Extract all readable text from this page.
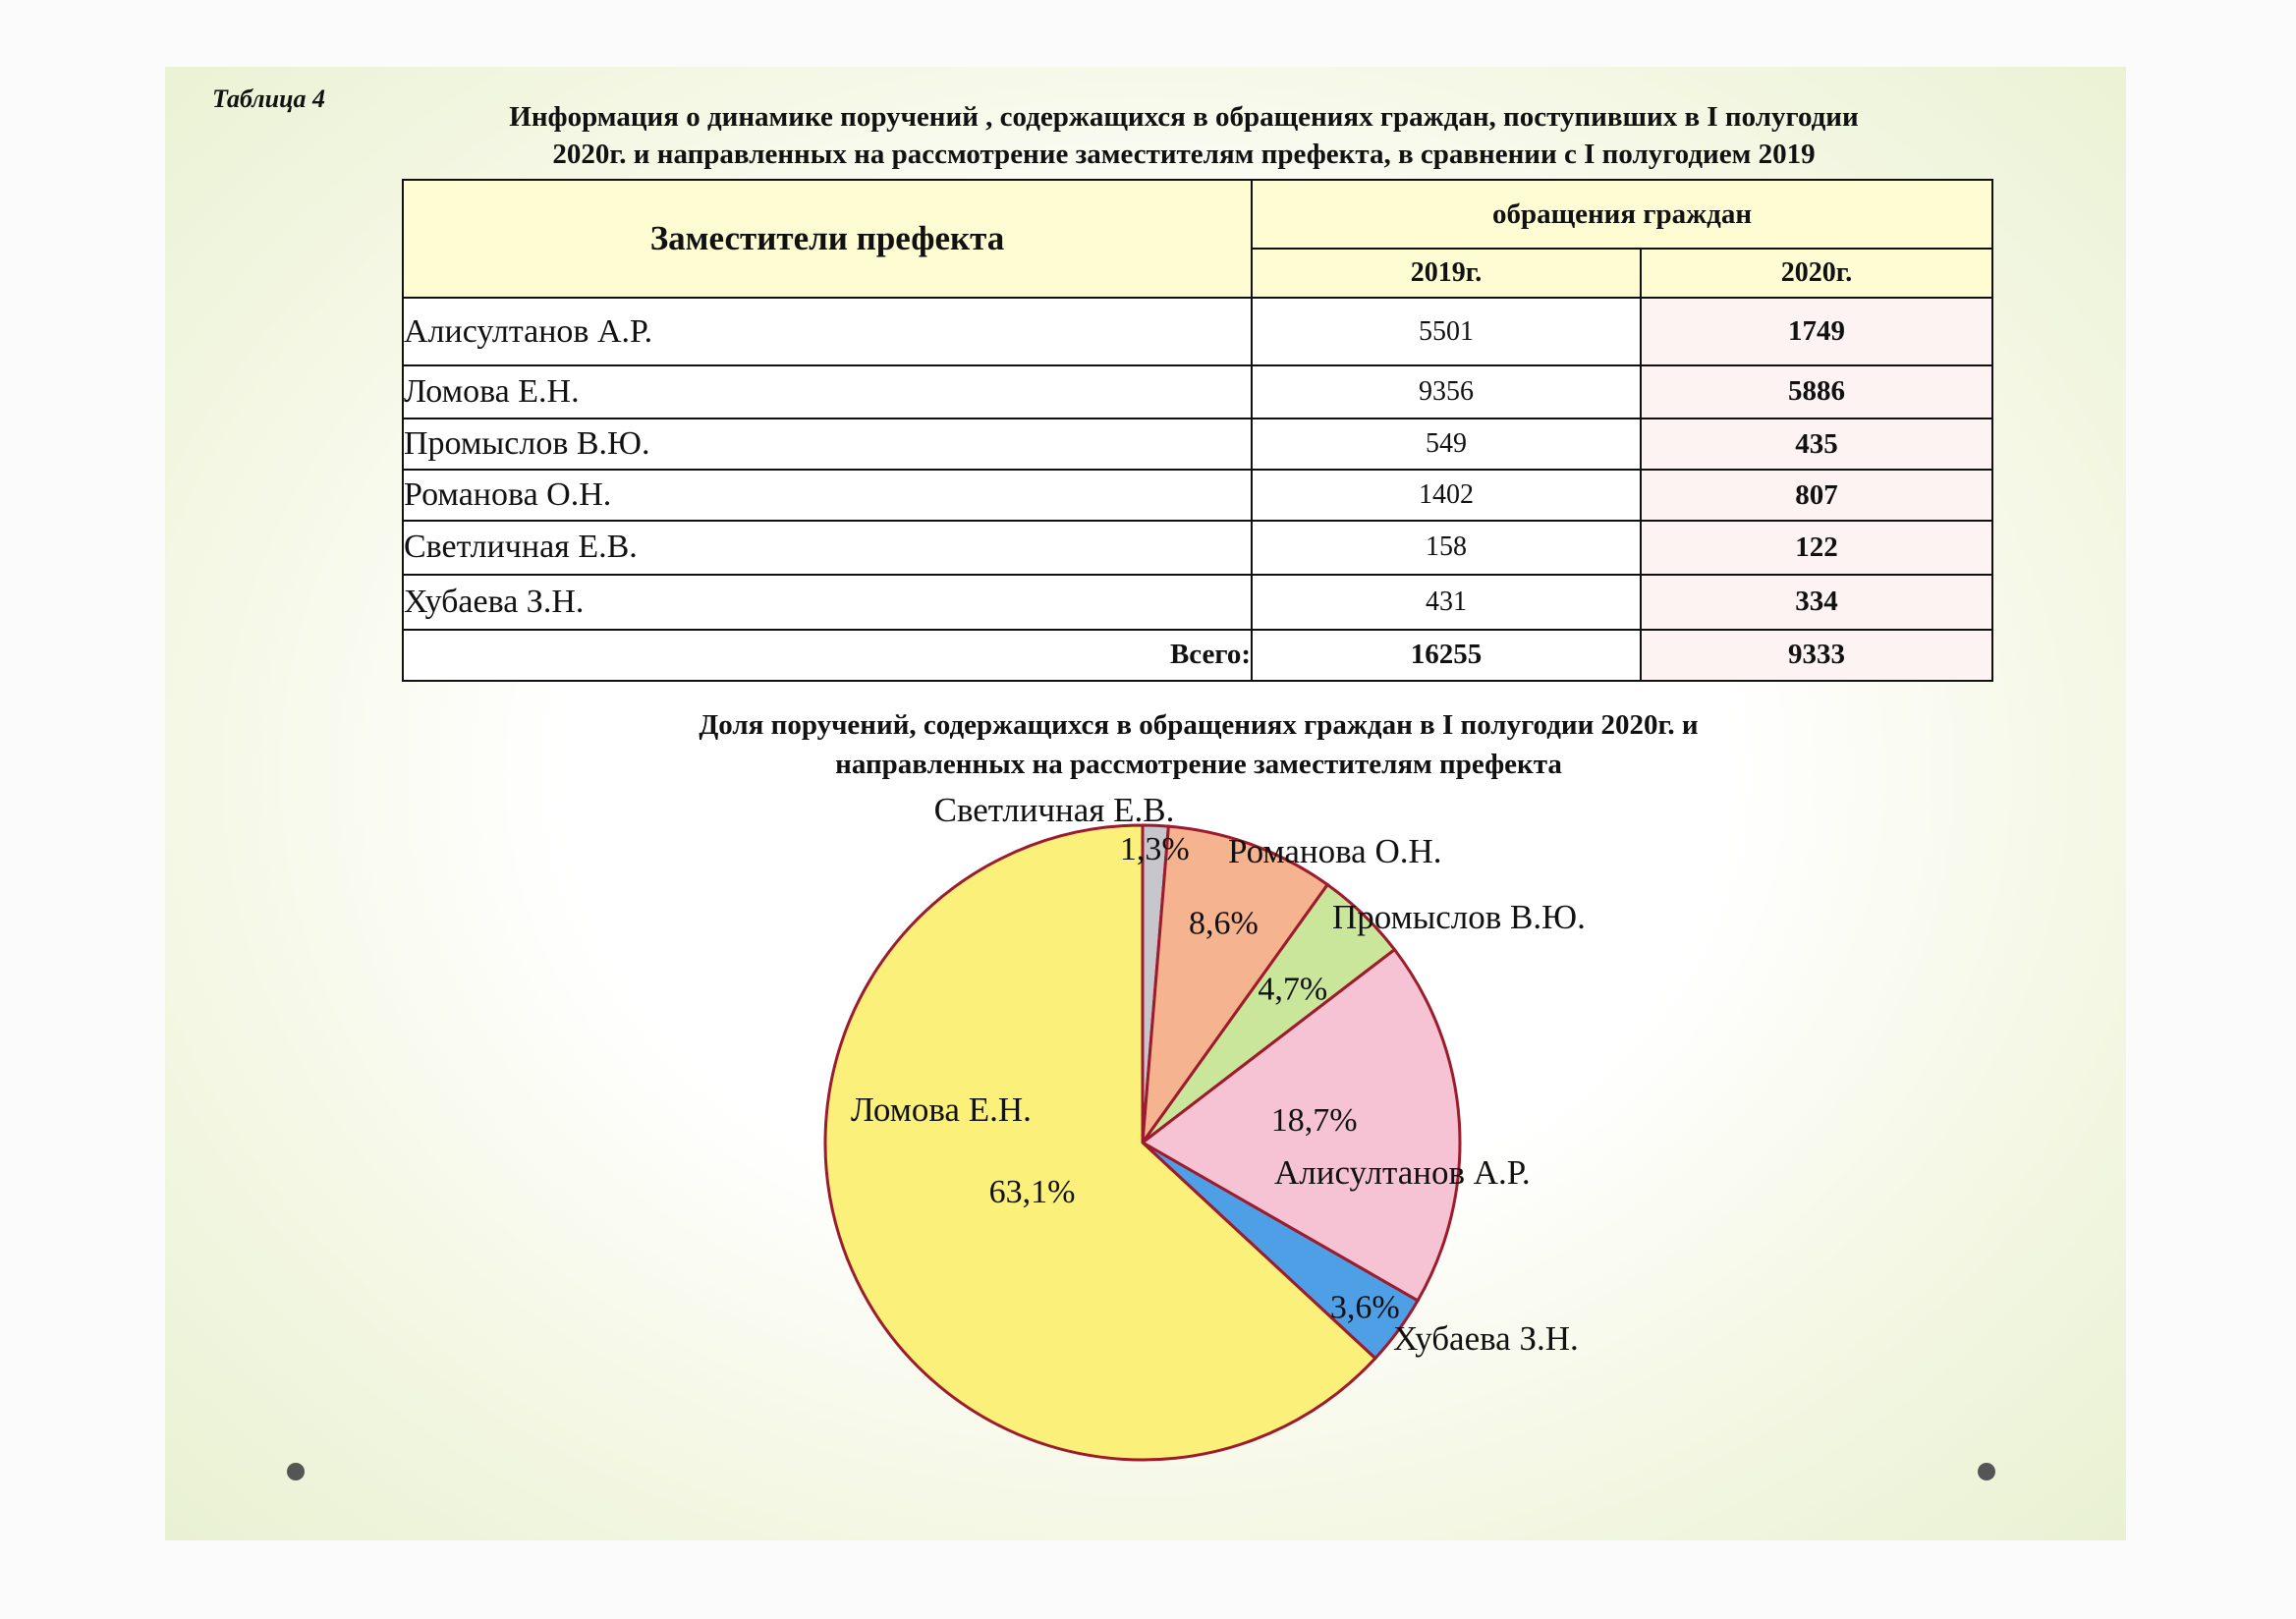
Таблица 4
Информация о динамике поручений , содержащихся в обращениях граждан, поступивших в I полугодии
2020г. и направленных на рассмотрение заместителям префекта, в сравнении с I полугодием 2019
Заместители префекта	обращения граждан	
	2019г.	2020г.
Алисултанов А.Р.	5501	1749
Ломова Е.Н.	9356	5886
Промыслов В.Ю.	549	435
Романова О.Н.	1402	807
Светличная Е.В.	158	122
Хубаева З.Н.	431	334
Всего:	16255	9333
Доля поручений, содержащихся в обращениях граждан в I полугодии 2020г. и
направленных на рассмотрение заместителям префекта
1,3%
Светличная Е.В.
8,6%
Романова О.Н.
4,7%
Промыслов В.Ю.
18,7%
Алисултанов А.Р.
3,6%
Хубаева З.Н.
63,1%
Ломова Е.Н.
